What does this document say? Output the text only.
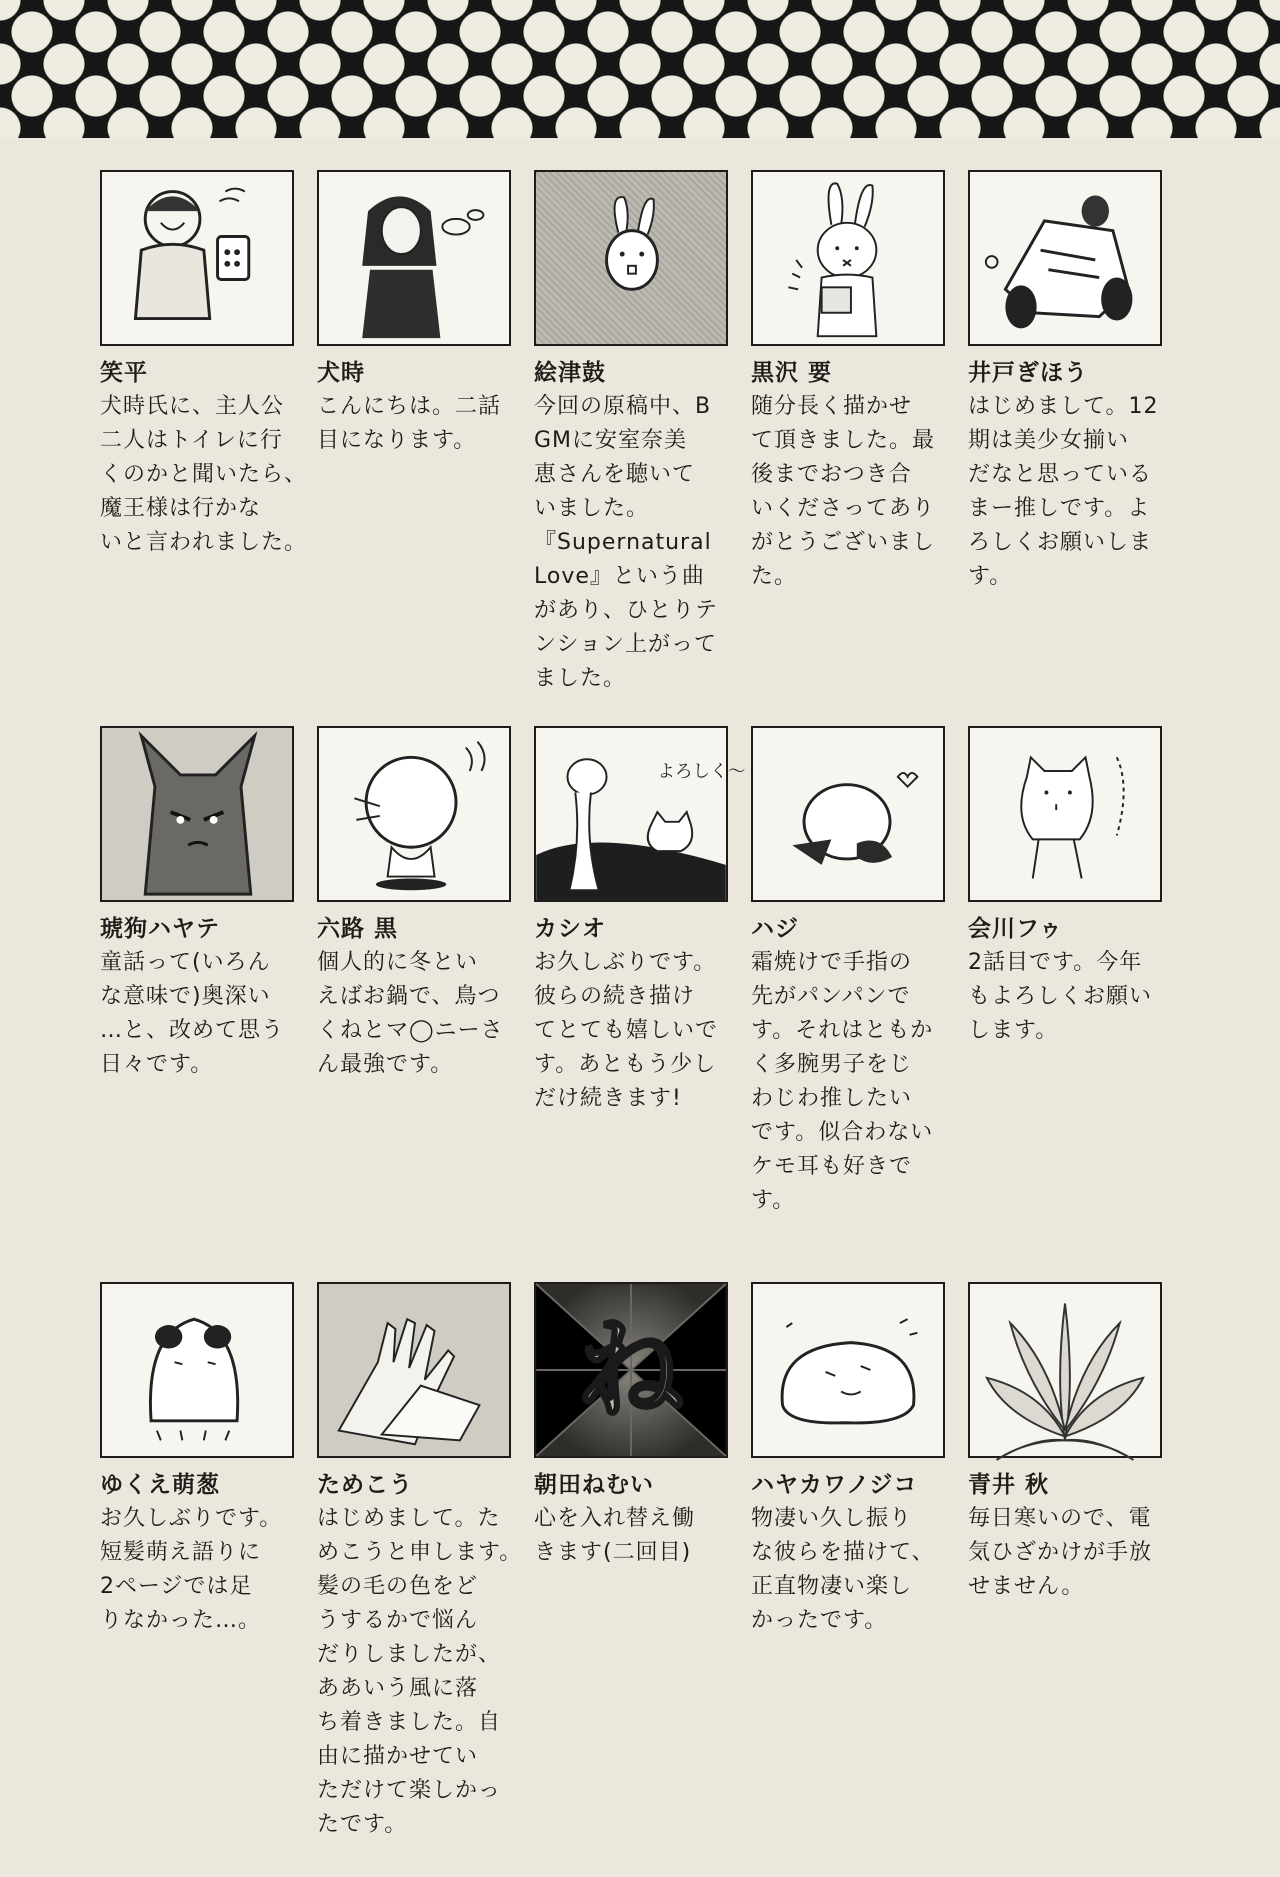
笑平
犬時氏に、主人公
二人はトイレに行
くのかと聞いたら、
魔王様は行かな
いと言われました。
犬時
こんにちは。二話
目になります。
絵津鼓
今回の原稿中、B
GMに安室奈美
恵さんを聴いて
いました。
『Supernatural
Love』という曲
があり、ひとりテ
ンション上がって
ました。
黒沢 要
随分長く描かせ
て頂きました。最
後までおつき合
いくださってあり
がとうございまし
た。
井戸ぎほう
はじめまして。12
期は美少女揃い
だなと思っている
まー推しです。よ
ろしくお願いしま
す。
琥狗ハヤテ
童話って(いろん
な意味で)奥深い
…と、改めて思う
日々です。
六路 黒
個人的に冬とい
えばお鍋で、鳥つ
くねとマ◯ニーさ
ん最強です。
よろしく〜
カシオ
お久しぶりです。
彼らの続き描け
てとても嬉しいで
す。あともう少し
だけ続きます!
ハジ
霜焼けで手指の
先がパンパンで
す。それはともか
く多腕男子をじ
わじわ推したい
です。似合わない
ケモ耳も好きで
す。
会川フゥ
2話目です。今年
もよろしくお願い
します。
ゆくえ萌葱
お久しぶりです。
短髪萌え語りに
2ページでは足
りなかった…。
ためこう
はじめまして。た
めこうと申します。
髪の毛の色をど
うするかで悩ん
だりしましたが、
ああいう風に落
ち着きました。自
由に描かせてい
ただけて楽しかっ
たです。
ね
朝田ねむい
心を入れ替え働
きます(二回目)
ハヤカワノジコ
物凄い久し振り
な彼らを描けて、
正直物凄い楽し
かったです。
青井 秋
毎日寒いので、電
気ひざかけが手放
せません。
